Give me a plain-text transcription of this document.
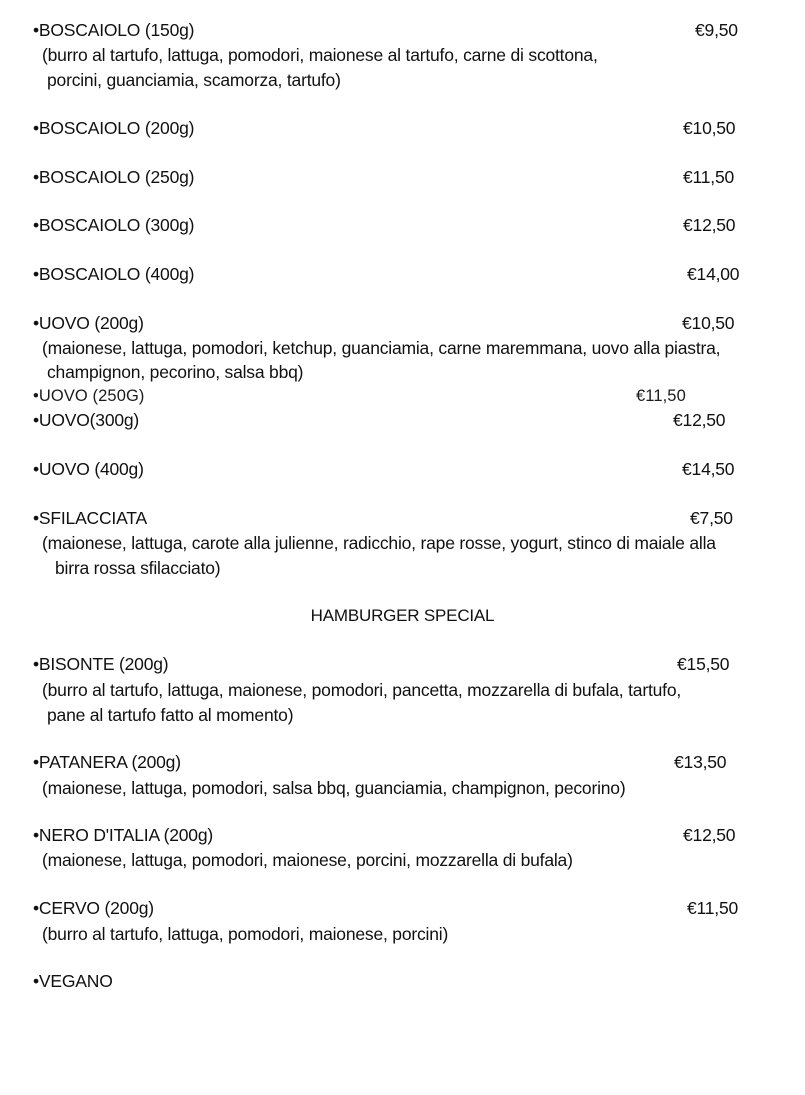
•BOSCAIOLO (150g)	€9,50
(burro al tartufo, lattuga, pomodori, maionese al tartufo, carne di scottona,
porcini, guanciamia, scamorza, tartufo)
•BOSCAIOLO (200g)	€10,50
•BOSCAIOLO (250g)	€11,50
•BOSCAIOLO (300g)	€12,50
•BOSCAIOLO (400g)	€14,00
•UOVO (200g)	€10,50
(maionese, lattuga, pomodori, ketchup, guanciamia, carne maremmana, uovo alla piastra,
champignon, pecorino, salsa bbq)
•UOVO (250G)	€11,50
•UOVO(300g)	€12,50
•UOVO (400g)	€14,50
•SFILACCIATA	€7,50
(maionese, lattuga, carote alla julienne, radicchio, rape rosse, yogurt, stinco di maiale alla
birra rossa sfilacciato)
HAMBURGER SPECIAL
•BISONTE (200g)	€15,50
(burro al tartufo, lattuga, maionese, pomodori, pancetta, mozzarella di bufala, tartufo,
pane al tartufo fatto al momento)
•PATANERA (200g)	€13,50
(maionese, lattuga, pomodori, salsa bbq, guanciamia, champignon, pecorino)
•NERO D'ITALIA (200g)	€12,50
(maionese, lattuga, pomodori, maionese, porcini, mozzarella di bufala)
•CERVO (200g)	€11,50
(burro al tartufo, lattuga, pomodori, maionese, porcini)
•VEGANO
